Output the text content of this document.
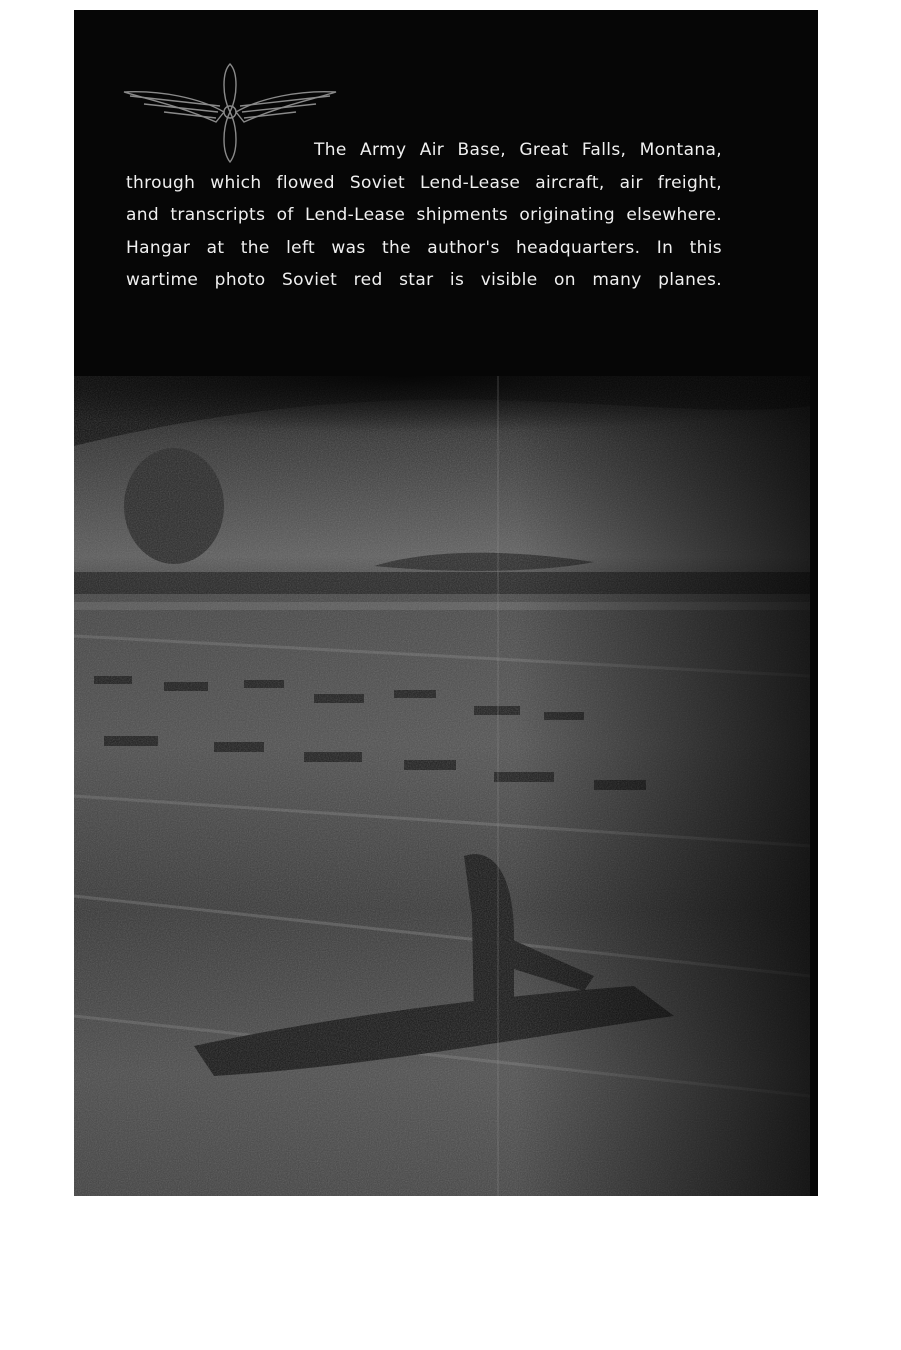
The Army Air Base, Great Falls, Montana,
through which flowed Soviet Lend-Lease aircraft, air freight,
and transcripts of Lend-Lease shipments originating elsewhere.
Hangar at the left was the author's headquarters. In this
wartime photo Soviet red star is visible on many planes.
